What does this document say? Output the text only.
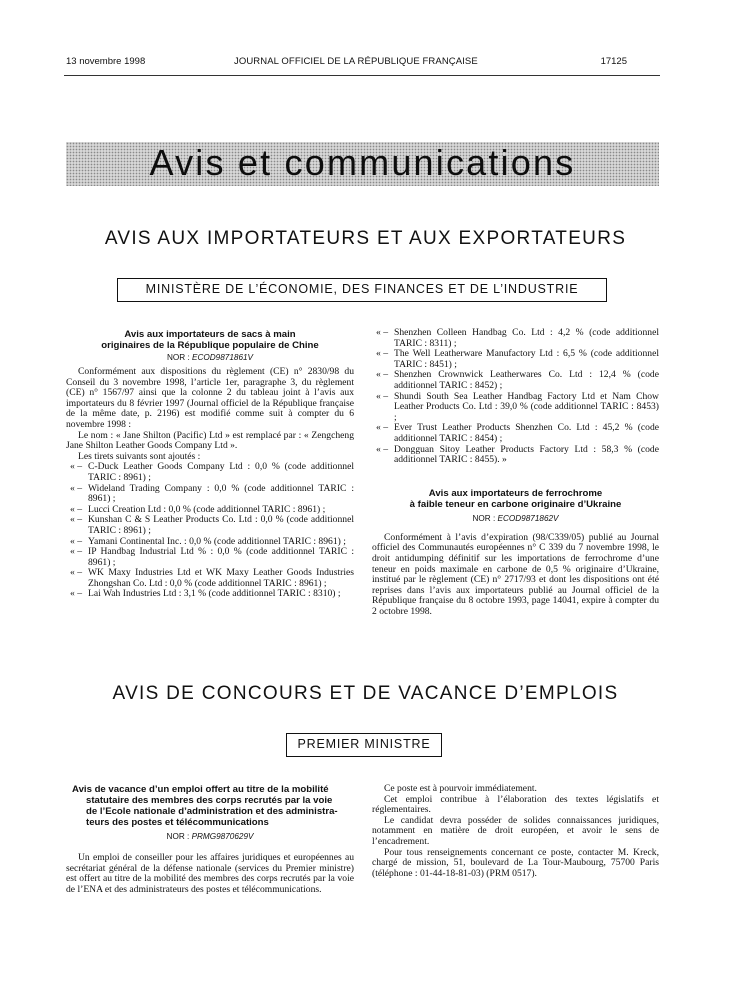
13 novembre 1998	JOURNAL OFFICIEL DE LA RÉPUBLIQUE FRANÇAISE	17125
Avis et communications
AVIS AUX IMPORTATEURS ET AUX EXPORTATEURS
MINISTÈRE DE L’ÉCONOMIE, DES FINANCES ET DE L’INDUSTRIE
Avis aux importateurs de sacs à main
originaires de la République populaire de Chine
NOR : ECOD9871861V

Conformément aux dispositions du règlement (CE) n° 2830/98 du Conseil du 3 novembre 1998, l’article 1er, paragraphe 3, du règlement (CE) n° 1567/97 ainsi que la colonne 2 du tableau joint à l’avis aux importateurs du 8 février 1997 (Journal officiel de la République française de la même date, p. 2196) est modifié comme suit à compter du 6 novembre 1998 :

Le nom : « Jane Shilton (Pacific) Ltd » est remplacé par : « Zengcheng Jane Shilton Leather Goods Company Ltd ».

Les tirets suivants sont ajoutés :

« – C-Duck Leather Goods Company Ltd : 0,0 % (code additionnel TARIC : 8961) ;

« – Wideland Trading Company : 0,0 % (code additionnel TARIC : 8961) ;

« – Lucci Creation Ltd : 0,0 % (code additionnel TARIC : 8961) ;

« – Kunshan C & S Leather Products Co. Ltd : 0,0 % (code additionnel TARIC : 8961) ;

« – Yamani Continental Inc. : 0,0 % (code additionnel TARIC : 8961) ;

« – IP Handbag Industrial Ltd % : 0,0 % (code additionnel TARIC : 8961) ;

« – WK Maxy Industries Ltd et WK Maxy Leather Goods Industries Zhongshan Co. Ltd : 0,0 % (code additionnel TARIC : 8961) ;

« – Lai Wah Industries Ltd : 3,1 % (code additionnel TARIC : 8310) ;

« – Shenzhen Colleen Handbag Co. Ltd : 4,2 % (code additionnel TARIC : 8311) ;

« – The Well Leatherware Manufactory Ltd : 6,5 % (code additionnel TARIC : 8451) ;

« – Shenzhen Crownwick Leatherwares Co. Ltd : 12,4 % (code additionnel TARIC : 8452) ;

« – Shundi South Sea Leather Handbag Factory Ltd et Nam Chow Leather Products Co. Ltd : 39,0 % (code additionnel TARIC : 8453) ;

« – Ever Trust Leather Products Shenzhen Co. Ltd : 45,2 % (code additionnel TARIC : 8454) ;

« – Dongguan Sitoy Leather Products Factory Ltd : 58,3 % (code additionnel TARIC : 8455). »

Avis aux importateurs de ferrochrome
à faible teneur en carbone originaire d’Ukraine
NOR : ECOD9871862V

Conformément à l’avis d’expiration (98/C339/05) publié au Journal officiel des Communautés européennes n° C 339 du 7 novembre 1998, le droit antidumping définitif sur les importations de ferrochrome d’une teneur en poids maximale en carbone de 0,5 % originaire d’Ukraine, institué par le règlement (CE) n° 2717/93 et dont les dispositions ont été reprises dans l’avis aux importateurs publié au Journal officiel de la République française du 8 octobre 1993, page 14041, expire à compter du 2 octobre 1998.

AVIS DE CONCOURS ET DE VACANCE D’EMPLOIS
PREMIER MINISTRE
Avis de vacance d’un emploi offert au titre de la mobilité
statutaire des membres des corps recrutés par la voie
de l’Ecole nationale d’administration et des administra-
teurs des postes et télécommunications
NOR : PRMG9870629V

Un emploi de conseiller pour les affaires juridiques et européennes au secrétariat général de la défense nationale (services du Premier ministre) est offert au titre de la mobilité des membres des corps recrutés par la voie de l’ENA et des administrateurs des postes et télécommunications.

Ce poste est à pourvoir immédiatement.

Cet emploi contribue à l’élaboration des textes législatifs et réglementaires.

Le candidat devra posséder de solides connaissances juridiques, notamment en matière de droit européen, et avoir le sens de l’encadrement.

Pour tous renseignements concernant ce poste, contacter M. Kreck, chargé de mission, 51, boulevard de La Tour-Maubourg, 75700 Paris (téléphone : 01-44-18-81-03) (PRM 0517).
